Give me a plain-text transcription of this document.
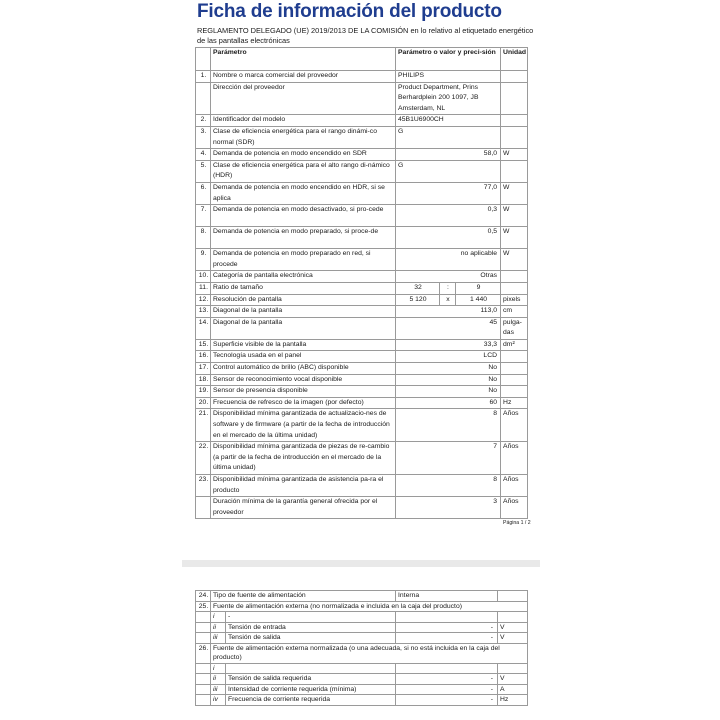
Ficha de información del producto
REGLAMENTO DELEGADO (UE) 2019/2013 DE LA COMISIÓN en lo relativo al etiquetado energético de las pantallas electrónicas
	Parámetro	Parámetro o valor y preci-sión			Unidad
1.	Nombre o marca comercial del proveedor	PHILIPS			
	Dirección del proveedor	Product Department, Prins Berhardplein 200 1097, JB Amsterdam, NL			
2.	Identificador del modelo	45B1U6900CH			
3.	Clase de eficiencia energética para el rango dinámi-co normal (SDR)	G			
4.	Demanda de potencia en modo encendido en SDR	58,0			W
5.	Clase de eficiencia energética para el alto rango di-námico (HDR)	G			
6.	Demanda de potencia en modo encendido en HDR, si se aplica	77,0			W
7.	Demanda de potencia en modo desactivado, si pro-cede	0,3			W
8.	Demanda de potencia en modo preparado, si proce-de	0,5			W
9.	Demanda de potencia en modo preparado en red, si procede	no aplicable			W
10.	Categoría de pantalla electrónica	Otras			
11.	Ratio de tamaño	32	:	9	
12.	Resolución de pantalla	5 120	x	1 440	pixels
13.	Diagonal de la pantalla	113,0			cm
14.	Diagonal de la pantalla	45			pulga-das
15.	Superficie visible de la pantalla	33,3			dm²
16.	Tecnología usada en el panel	LCD			
17.	Control automático de brillo (ABC) disponible	No			
18.	Sensor de reconocimiento vocal disponible	No			
19.	Sensor de presencia disponible	No			
20.	Frecuencia de refresco de la imagen (por defecto)	60			Hz
21.	Disponibilidad mínima garantizada de actualizacio-nes de software y de firmware (a partir de la fecha de introducción en el mercado de la última unidad)	8			Años
22.	Disponibilidad mínima garantizada de piezas de re-cambio (a partir de la fecha de introducción en el mercado de la última unidad)	7			Años
23.	Disponibilidad mínima garantizada de asistencia pa-ra el producto	8			Años
	Duración mínima de la garantía general ofrecida por el proveedor	3			Años
Página 1 / 2
24.	Tipo de fuente de alimentación		Interna	
25.	Fuente de alimentación externa (no normalizada e incluida en la caja del producto)			
	i	-		
	ii	Tensión de entrada	-	V
	iii	Tensión de salida	-	V
26.	Fuente de alimentación externa normalizada (o una adecuada, si no está incluida en la caja del producto)			
	i			
	ii	Tensión de salida requerida	-	V
	iii	Intensidad de corriente requerida (mínima)	-	A
	iv	Frecuencia de corriente requerida	-	Hz
